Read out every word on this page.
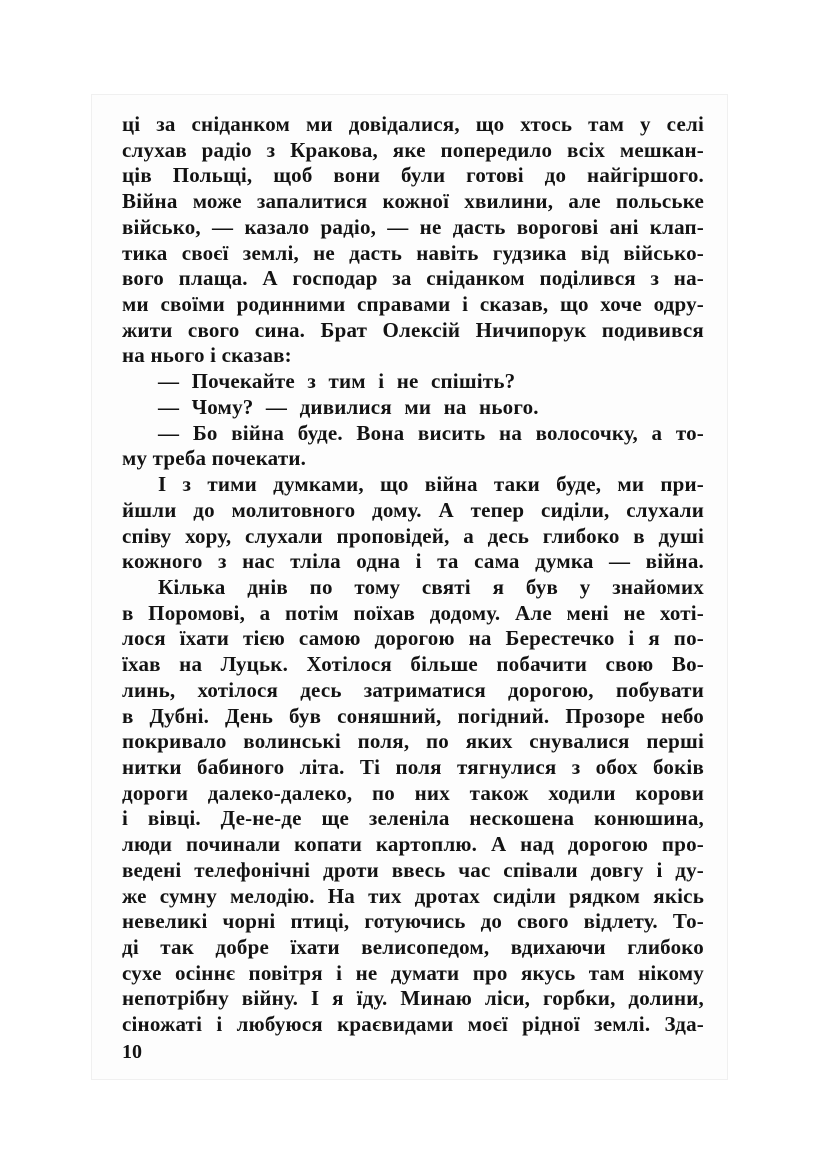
ці за сніданком ми довідалися, що хтось там у селі
слухав радіо з Кракова, яке попередило всіх мешкан-
ців Польщі, щоб вони були готові до найгіршого.
Війна може запалитися кожної хвилини, але польське
військо, — казало радіо, — не дасть ворогові ані клап-
тика своєї землі, не дасть навіть гудзика від військо-
вого плаща. А господар за сніданком поділився з на-
ми своїми родинними справами і сказав, що хоче одру-
жити свого сина. Брат Олексій Ничипорук подивився
на нього і сказав:
— Почекайте з тим і не спішіть?
— Чому? — дивилися ми на нього.
— Бо війна буде. Вона висить на волосочку, а то-
му треба почекати.
І з тими думками, що війна таки буде, ми при-
йшли до молитовного дому. А тепер сиділи, слухали
співу хору, слухали проповідей, а десь глибоко в душі
кожного з нас тліла одна і та сама думка — війна.
Кілька днів по тому святі я був у знайомих
в Поромові, а потім поїхав додому. Але мені не хоті-
лося їхати тією самою дорогою на Берестечко і я по-
їхав на Луцьк. Хотілося більше побачити свою Во-
линь, хотілося десь затриматися дорогою, побувати
в Дубні. День був соняшний, погідний. Прозоре небо
покривало волинські поля, по яких снувалися перші
нитки бабиного літа. Ті поля тягнулися з обох боків
дороги далеко-далеко, по них також ходили корови
і вівці. Де-не-де ще зеленіла нескошена конюшина,
люди починали копати картоплю. А над дорогою про-
ведені телефонічні дроти ввесь час співали довгу і ду-
же сумну мелодію. На тих дротах сиділи рядком якісь
невеликі чорні птиці, готуючись до свого відлету. То-
ді так добре їхати велисопедом, вдихаючи глибоко
сухе осіннє повітря і не думати про якусь там нікому
непотрібну війну. І я їду. Минаю ліси, горбки, долини,
сіножаті і любуюся краєвидами моєї рідної землі. Зда-
10
